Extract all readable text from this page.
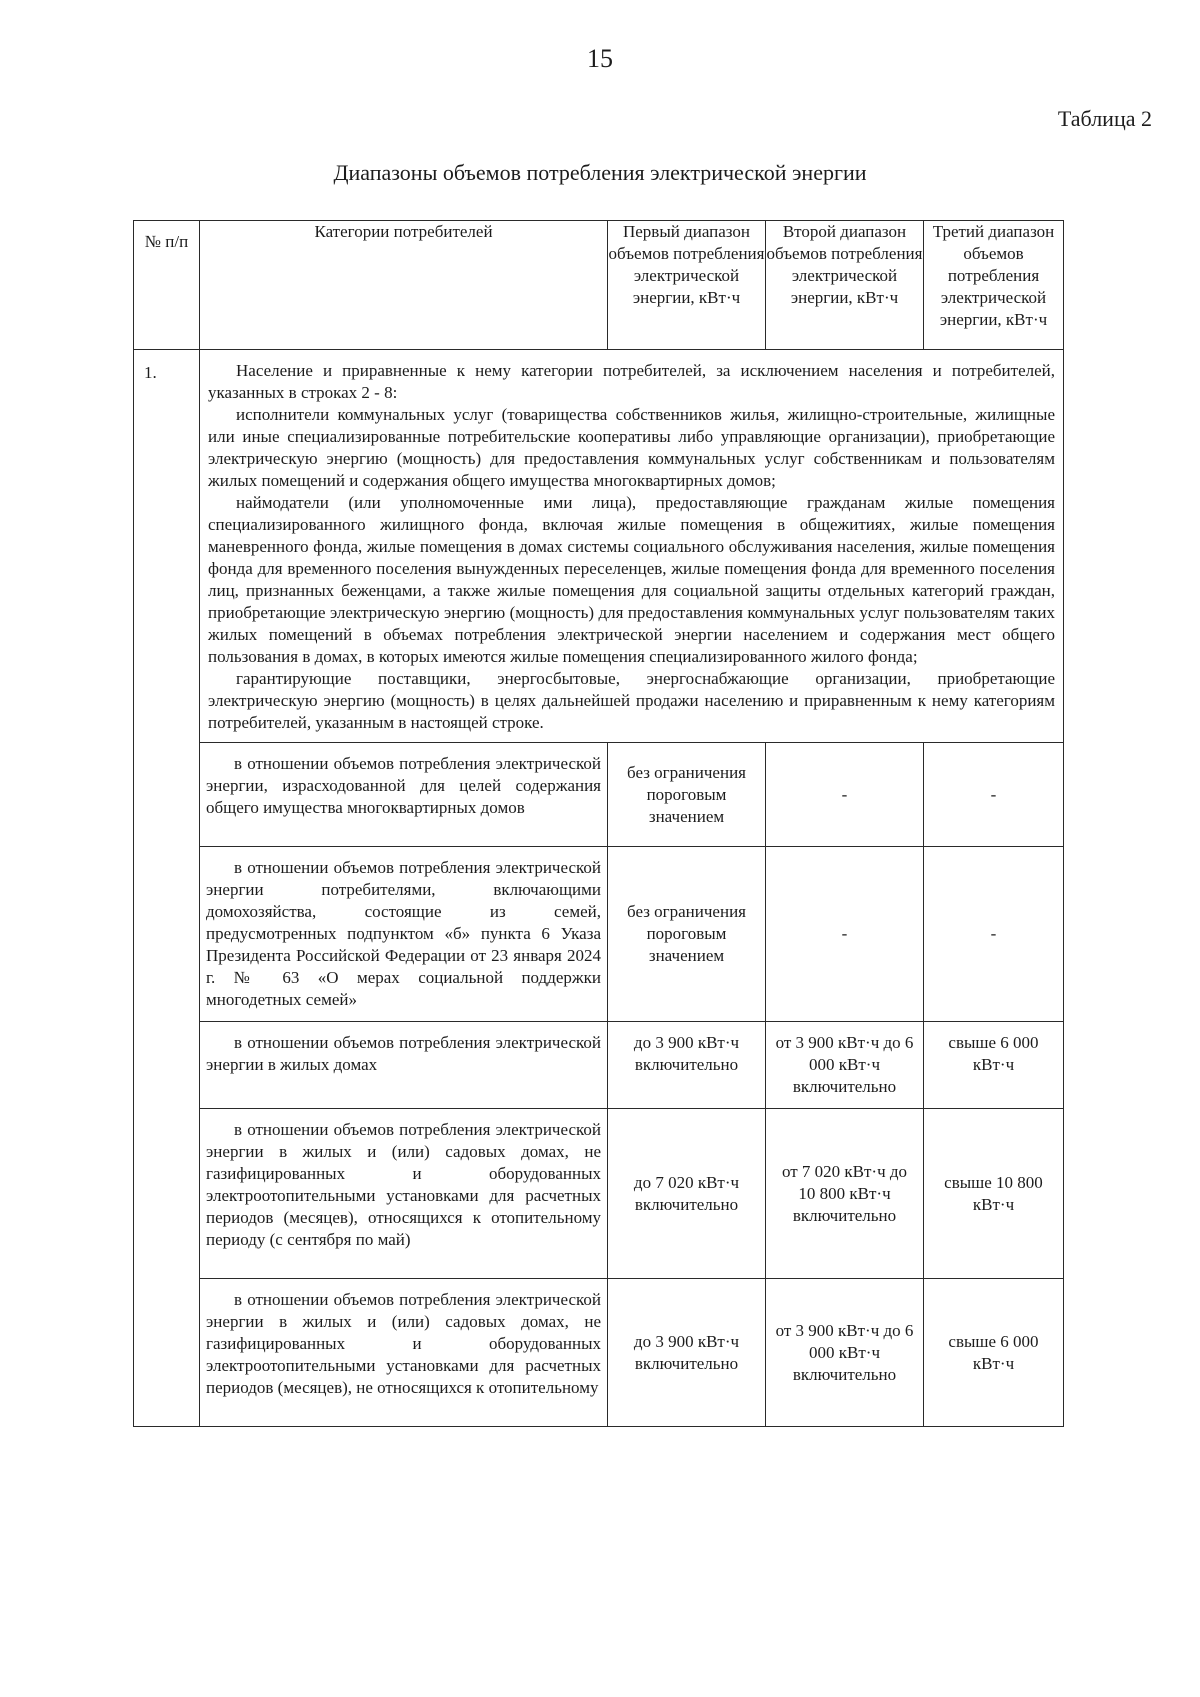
15
Таблица 2
Диапазоны объемов потребления электрической энергии
№ п/п	Категории потребителей	Первый диапазон объемов потребления электрической энергии, кВт·ч	Второй диапазон объемов потребления электрической энергии, кВт·ч	Третий диапазон объемов потребления электрической энергии, кВт·ч
1.	Население и приравненные к нему категории потребителей, за исключением населения и потребителей, указанных в строках 2 - 8:

исполнители коммунальных услуг (товарищества собственников жилья, жилищно-строительные, жилищные или иные специализированные потребительские кооперативы либо управляющие организации), приобретающие электрическую энергию (мощность) для предоставления коммунальных услуг собственникам и пользователям жилых помещений и содержания общего имущества многоквартирных домов;

наймодатели (или уполномоченные ими лица), предоставляющие гражданам жилые помещения специализированного жилищного фонда, включая жилые помещения в общежитиях, жилые помещения маневренного фонда, жилые помещения в домах системы социального обслуживания населения, жилые помещения фонда для временного поселения вынужденных переселенцев, жилые помещения фонда для временного поселения лиц, признанных беженцами, а также жилые помещения для социальной защиты отдельных категорий граждан, приобретающие электрическую энергию (мощность) для предоставления коммунальных услуг пользователям таких жилых помещений в объемах потребления электрической энергии населением и содержания мест общего пользования в домах, в которых имеются жилые помещения специализированного жилого фонда;

гарантирующие поставщики, энергосбытовые, энергоснабжающие организации, приобретающие электрическую энергию (мощность) в целях дальнейшей продажи населению и приравненным к нему категориям потребителей, указанным в настоящей строке.			

	в отношении объемов потребления электрической энергии, израсходованной для целей содержания общего имущества многоквартирных домов	без ограничения пороговым значением	-	-

	в отношении объемов потребления электрической энергии потребителями, включающими домохозяйства, состоящие из семей, предусмотренных подпунктом «б» пункта 6 Указа Президента Российской Федерации от 23 января 2024 г. № 63 «О мерах социальной поддержки многодетных семей»	без ограничения пороговым значением	-	-

	в отношении объемов потребления электрической энергии в жилых домах	до 3 900 кВт·ч включительно	от 3 900 кВт·ч до 6 000 кВт·ч включительно	свыше 6 000 кВт·ч

	в отношении объемов потребления электрической энергии в жилых и (или) садовых домах, не газифицированных и оборудованных электроотопительными установками для расчетных периодов (месяцев), относящихся к отопительному периоду (с сентября по май)	до 7 020 кВт·ч включительно	от 7 020 кВт·ч до 10 800 кВт·ч включительно	свыше 10 800 кВт·ч

	в отношении объемов потребления электрической энергии в жилых и (или) садовых домах, не газифицированных и оборудованных электроотопительными установками для расчетных периодов (месяцев), не относящихся к отопительному	до 3 900 кВт·ч включительно	от 3 900 кВт·ч до 6 000 кВт·ч включительно	свыше 6 000 кВт·ч
